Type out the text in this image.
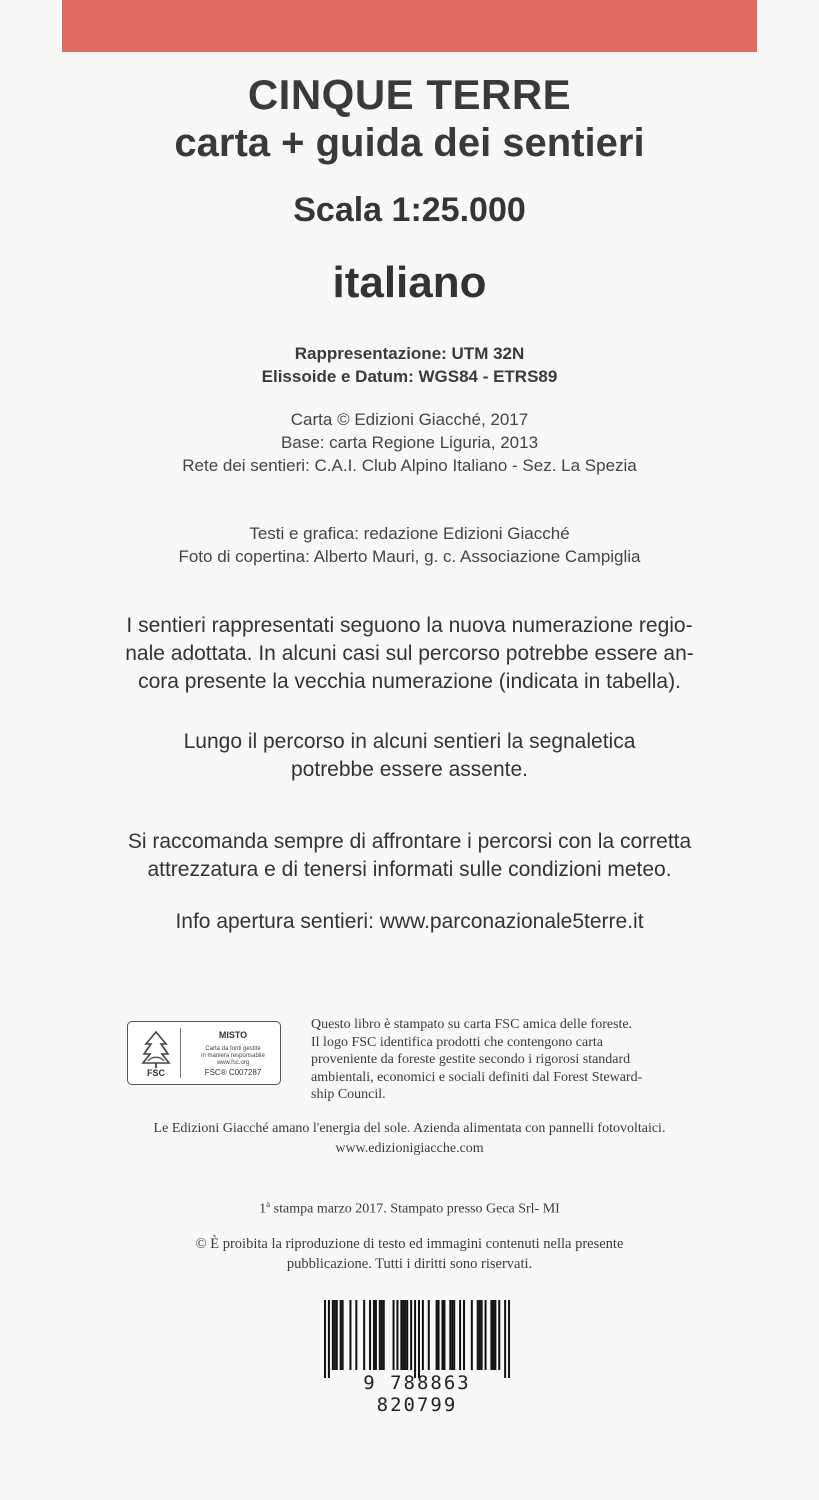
CINQUE TERRE
carta + guida dei sentieri
Scala 1:25.000
italiano
Rappresentazione: UTM 32N
Elissoide e Datum: WGS84 - ETRS89
Carta © Edizioni Giacché, 2017
Base: carta Regione Liguria, 2013
Rete dei sentieri: C.A.I. Club Alpino Italiano - Sez. La Spezia
Testi e grafica: redazione Edizioni Giacché
Foto di copertina: Alberto Mauri, g. c. Associazione Campiglia
I sentieri rappresentati seguono la nuova numerazione regio-
nale adottata. In alcuni casi sul percorso potrebbe essere an-
cora presente la vecchia numerazione (indicata in tabella).
Lungo il percorso in alcuni sentieri la segnaletica
potrebbe essere assente.
Si raccomanda sempre di affrontare i percorsi con la corretta
attrezzatura e di tenersi informati sulle condizioni meteo.
Info apertura sentieri: www.parconazionale5terre.it
FSC
MISTO
Carta da fonti gestite
in maniera responsabile
www.fsc.org
FSC® C007287
Questo libro è stampato su carta FSC amica delle foreste.
Il logo FSC identifica prodotti che contengono carta
proveniente da foreste gestite secondo i rigorosi standard
ambientali, economici e sociali definiti dal Forest Steward-
ship Council.
Le Edizioni Giacché amano l'energia del sole. Azienda alimentata con pannelli fotovoltaici.
www.edizionigiacche.com
1$^a$ stampa marzo 2017. Stampato presso Geca Srl- MI
© È proibita la riproduzione di testo ed immagini contenuti nella presente
pubblicazione. Tutti i diritti sono riservati.
9 788863 820799
